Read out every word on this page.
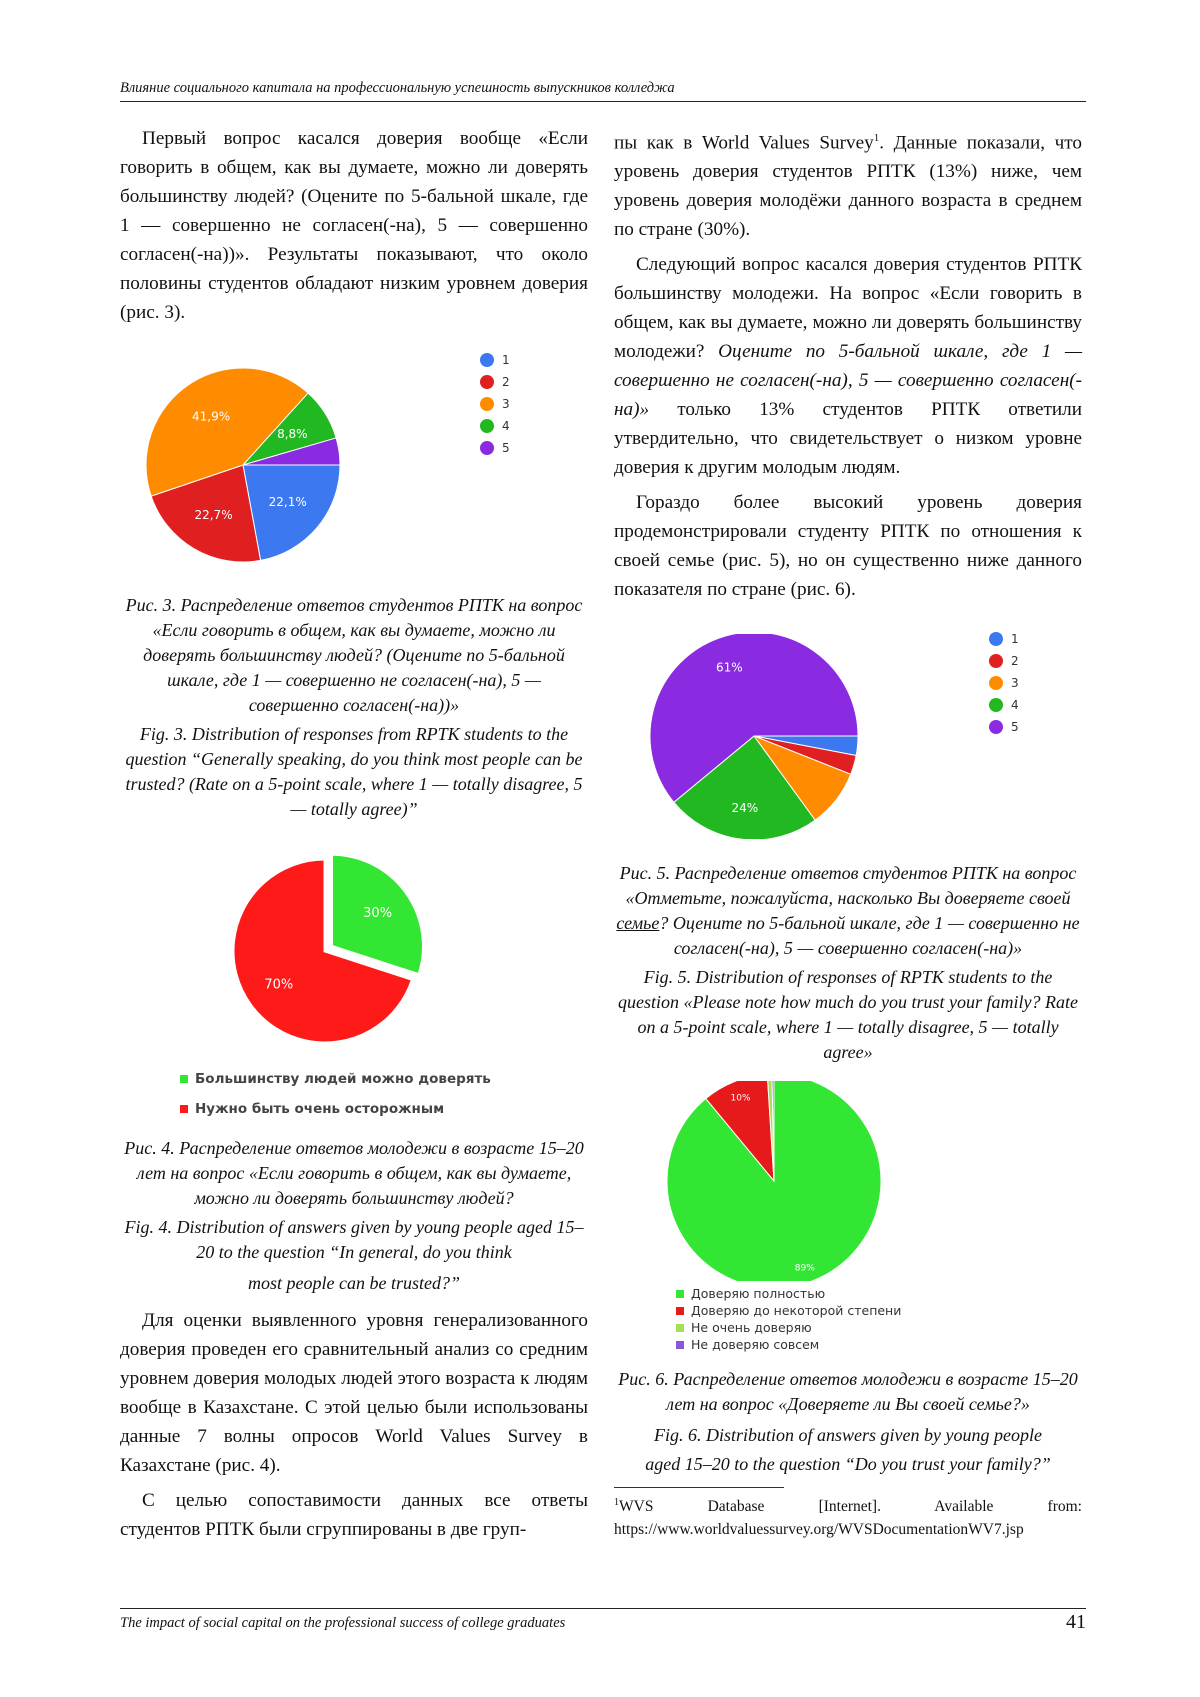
Влияние социального капитала на профессиональную успешность выпускников колледжа

Первый вопрос касался доверия вообще «Если говорить в общем, как вы думаете, можно ли доверять большинству людей? (Оцените по 5-бальной шкале, где 1 — совершенно не согласен(-на), 5 — совершенно согласен(-на))». Результаты показывают, что около половины студентов обладают низким уровнем доверия (рис. 3).

22,1%
22,7%
41,9%
8,8%
1
2
3
4
5

Рис. 3. Распределение ответов студентов РПТК на вопрос «Если говорить в общем, как вы думаете, можно ли доверять большинству людей? (Оцените по 5-бальной шкале, где 1 — совершенно не согласен(-на), 5 — совершенно согласен(-на))»

Fig. 3. Distribution of responses from RPTK students to the question “Generally speaking, do you think most people can be trusted? (Rate on a 5-point scale, where 1 — totally disagree, 5 — totally agree)”

30%
70%
Большинству людей можно доверять
Нужно быть очень осторожным

Рис. 4. Распределение ответов молодежи в возрасте 15–20 лет на вопрос «Если говорить в общем, как вы думаете, можно ли доверять большинству людей?

Fig. 4. Distribution of answers given by young people aged 15–20 to the question “In general, do you think

most people can be trusted?”

Для оценки выявленного уровня генерализованного доверия проведен его сравнительный анализ со средним уровнем доверия молодых людей этого возраста к людям вообще в Казахстане. С этой целью были использованы данные 7 волны опросов World Values Survey в Казахстане (рис. 4).

С целью сопоставимости данных все ответы студентов РПТК были сгруппированы в две груп-

пы как в World Values Survey$^1$. Данные показали, что уровень доверия студентов РПТК (13%) ниже, чем уровень доверия молодёжи данного возраста в среднем по стране (30%).

Следующий вопрос касался доверия студентов РПТК большинству молодежи. На вопрос «Если говорить в общем, как вы думаете, можно ли доверять большинству молодежи? Оцените по 5-бальной шкале, где 1 — совершенно не согласен(-на), 5 — совершенно согласен(-на)» только 13% студентов РПТК ответили утвердительно, что свидетельствует о низком уровне доверия к другим молодым людям.

Гораздо более высокий уровень доверия продемонстрировали студенту РПТК по отношения к своей семье (рис. 5), но он существенно ниже данного показателя по стране (рис. 6).

24%
61%
1
2
3
4
5

Рис. 5. Распределение ответов студентов РПТК на вопрос «Отметьте, пожалуйста, насколько Вы доверяете своей семье? Оцените по 5-бальной шкале, где 1 — совершенно не согласен(-на), 5 — совершенно согласен(-на)»

Fig. 5. Distribution of responses of RPTK students to the question «Please note how much do you trust your family? Rate on a 5-point scale, where 1 — totally disagree, 5 — totally agree»

89%
10%
Доверяю полностью
Доверяю до некоторой степени
Не очень доверяю
Не доверяю совсем

Рис. 6. Распределение ответов молодежи в возрасте 15–20 лет на вопрос «Доверяете ли Вы своей семье?»

Fig. 6. Distribution of answers given by young people

aged 15–20 to the question “Do you trust your family?”

$^1$WVS Database [Internet]. Available from: https://www.worldvaluessurvey.org/WVSDocumentationWV7.jsp

The impact of social capital on the professional success of college graduates	41
